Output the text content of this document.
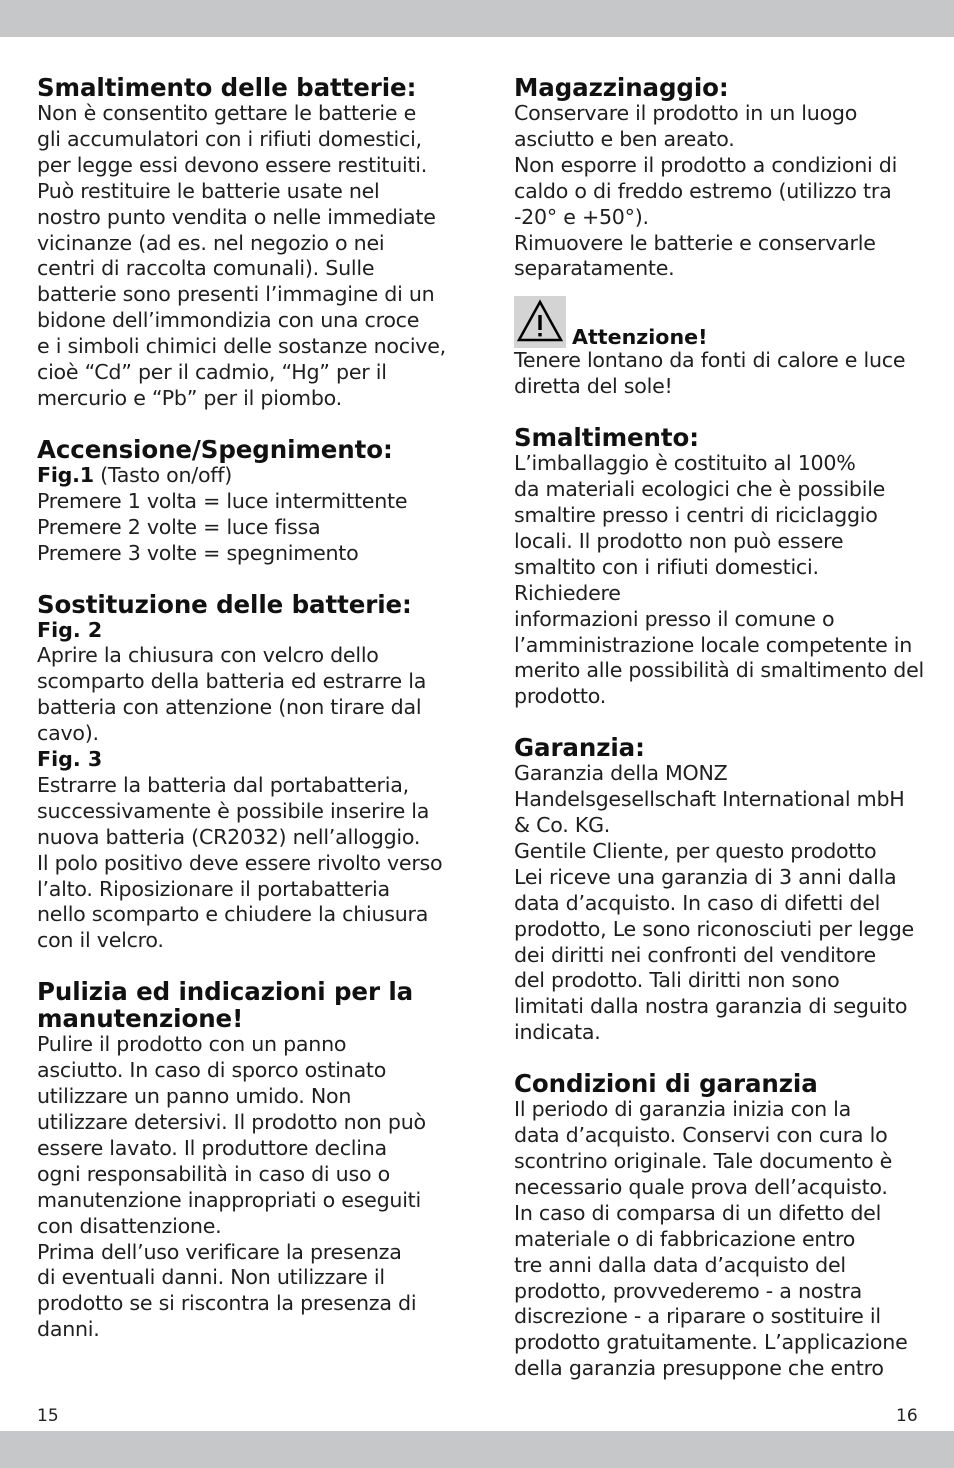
Smaltimento delle batterie:
Non è consentito gettare le batterie e
gli accumulatori con i rifiuti domestici,
per legge essi devono essere restituiti.
Può restituire le batterie usate nel
nostro punto vendita o nelle immediate
vicinanze (ad es. nel negozio o nei
centri di raccolta comunali). Sulle
batterie sono presenti l’immagine di un
bidone dell’immondizia con una croce
e i simboli chimici delle sostanze nocive,
cioè “Cd” per il cadmio, “Hg” per il
mercurio e “Pb” per il piombo.
Accensione/Spegnimento:
Fig.1 (Tasto on/off)
Premere 1 volta = luce intermittente
Premere 2 volte = luce fissa
Premere 3 volte = spegnimento
Sostituzione delle batterie:
Fig. 2
Aprire la chiusura con velcro dello
scomparto della batteria ed estrarre la
batteria con attenzione (non tirare dal
cavo).
Fig. 3
Estrarre la batteria dal portabatteria,
successivamente è possibile inserire la
nuova batteria (CR2032) nell’alloggio.
Il polo positivo deve essere rivolto verso
l’alto. Riposizionare il portabatteria
nello scomparto e chiudere la chiusura
con il velcro.
Pulizia ed indicazioni per la
manutenzione!
Pulire il prodotto con un panno
asciutto. In caso di sporco ostinato
utilizzare un panno umido. Non
utilizzare detersivi. Il prodotto non può
essere lavato. Il produttore declina
ogni responsabilità in caso di uso o
manutenzione inappropriati o eseguiti
con disattenzione.
Prima dell’uso verificare la presenza
di eventuali danni. Non utilizzare il
prodotto se si riscontra la presenza di
danni.
Magazzinaggio:
Conservare il prodotto in un luogo
asciutto e ben areato.
Non esporre il prodotto a condizioni di
caldo o di freddo estremo (utilizzo tra
-20° e +50°).
Rimuovere le batterie e conservarle
separatamente.
Attenzione!
Tenere lontano da fonti di calore e luce
diretta del sole!
Smaltimento:
L’imballaggio è costituito al 100%
da materiali ecologici che è possibile
smaltire presso i centri di riciclaggio
locali. Il prodotto non può essere
smaltito con i rifiuti domestici. Richiedere
informazioni presso il comune o
l’amministrazione locale competente in
merito alle possibilità di smaltimento del
prodotto.
Garanzia:
Garanzia della MONZ
Handelsgesellschaft International mbH
& Co. KG.
Gentile Cliente, per questo prodotto
Lei riceve una garanzia di 3 anni dalla
data d’acquisto. In caso di difetti del
prodotto, Le sono riconosciuti per legge
dei diritti nei confronti del venditore
del prodotto. Tali diritti non sono
limitati dalla nostra garanzia di seguito
indicata.
Condizioni di garanzia
Il periodo di garanzia inizia con la
data d’acquisto. Conservi con cura lo
scontrino originale. Tale documento è
necessario quale prova dell’acquisto.
In caso di comparsa di un difetto del
materiale o di fabbricazione entro
tre anni dalla data d’acquisto del
prodotto, provvederemo - a nostra
discrezione - a riparare o sostituire il
prodotto gratuitamente. L’applicazione
della garanzia presuppone che entro
15	16
